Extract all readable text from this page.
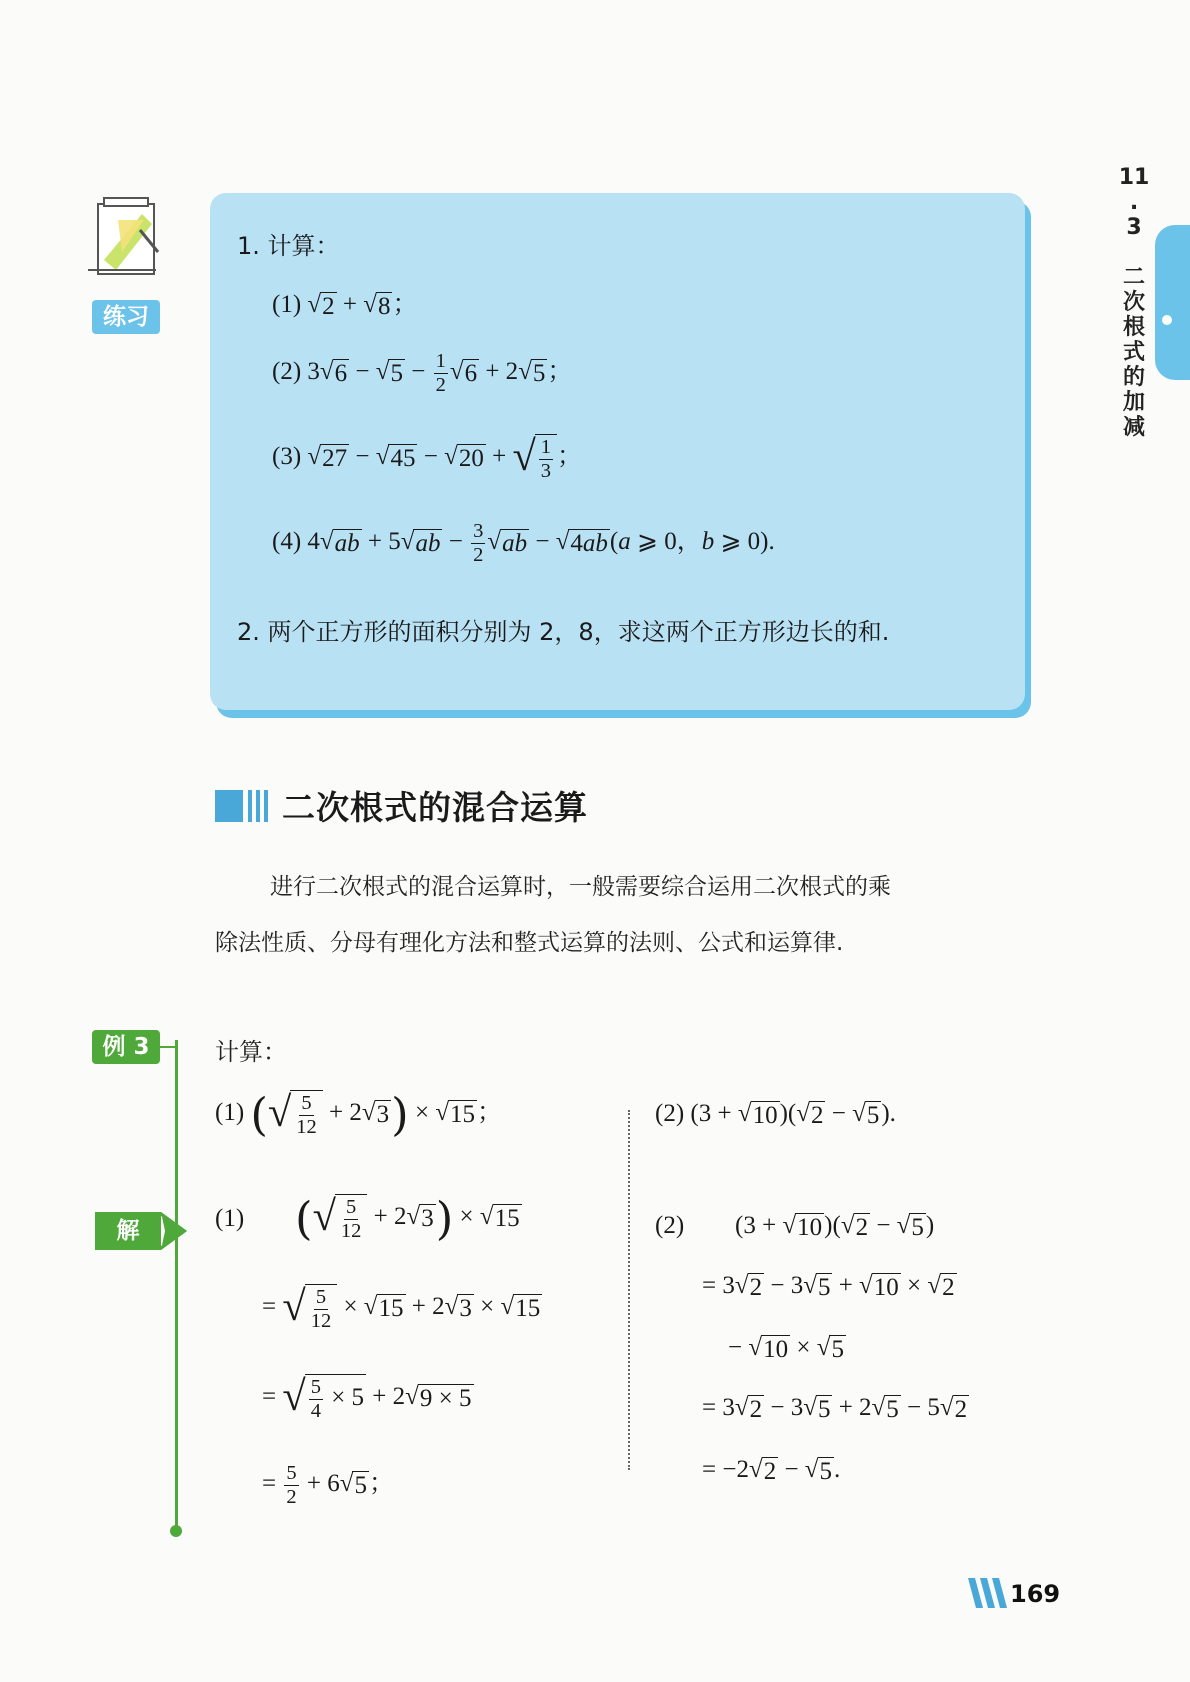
11
.
3

二
次
根
式
的
加
减
练习
1. 计算：
(1) √ 2 + √ 8 ；
(2) 3 √ 6 − √ $5 - \frac{1}{2}$ √ 6 + 2 √ 5 ；
(3) √ 27 − √ 45 − √ 20 + √ $\frac{1}{3}$ ；
(4) 4 √ ab + 5 √ ab − $\frac{3}{2}$ √ ab − √ 4ab (a ⩾ 0，b ⩾ 0).
2. 两个正方形的面积分别为 2，8，求这两个正方形边长的和.
二次根式的混合运算
进行二次根式的混合运算时，一般需要综合运用二次根式的乘
除法性质、分母有理化方法和整式运算的法则、公式和运算律.
例 3	计算：
(1) ( √ $\frac{5}{12} + 2$ √ 3 ) × √ 15 ；	(2) (3 + √ 10 )( √ 2 − √ 5 ).
解	(1) ( √ $\frac{5}{12} + 2$ √ 3 ) × √ 15
= √ $\frac{5}{12}$ × √ 15 + 2 √ 3 × √ 15
= √ $\frac{5}{4} \times 5 + 2$ √ 9 × 5
= $\frac{5}{2} + 6$ √ 5 ；
(2) (3 + √ 10 )( √ 2 − √ 5 )
= 3 √ 2 − 3 √ 5 + √ 10 × √ 2
− √ 10 × √ 5
= 3 √ 2 − 3 √ 5 + 2 √ 5 − 5 √ 2
= −2 √ 2 − √ 5 .
169
